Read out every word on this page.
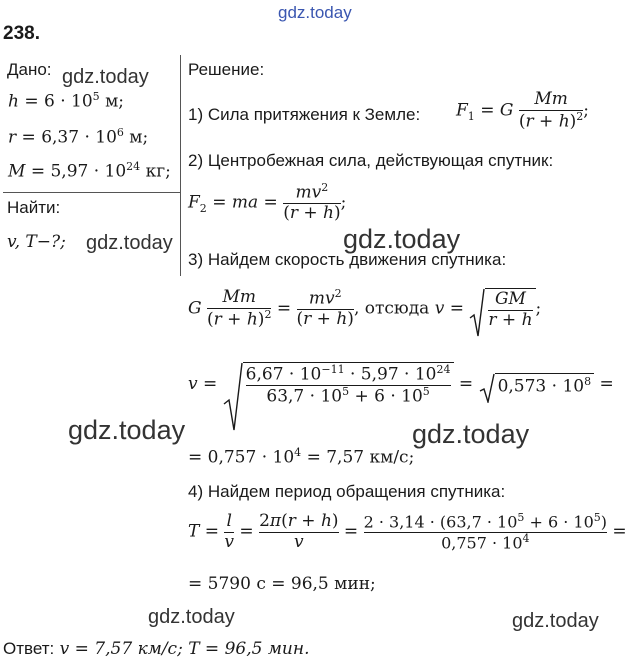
gdz.today
gdz.today
gdz.today	gdz.today
gdz.today	gdz.today
gdz.today	gdz.today
238.
Дано:
$h = 6 \cdot 10^5$ м;
$r = 6,37 \cdot 10^6$ м;
$M = 5,97 \cdot 10^{24}$ кг;
Найти:
v, T−?;
Решение:
1) Сила притяжения к Земле: $F_1 = G \frac{Mm}{(r + h)^2}$ ;
2) Центробежная сила, действующая спутник:
$F_2$ = ma = $\frac{mv^2}{(r + h)}$ ;
3) Найдем скорость движения спутника:
G $\frac{Mm}{(r + h)^2} = \frac{mv^2}{(r + h)}$ , отсюда $v = \frac{GM}{r + h}$ ;
$v = \frac{6,67 \cdot 10^{-11} \cdot 5,97 \cdot 10^{24}}{63,7 \cdot 10^5 + 6 \cdot 10^5}$ =
$0,573 \cdot 10^8$ =
= $0,757 \cdot 10^4 = 7,57$ км/с;
4) Найдем период обращения спутника:
$T = \frac{l}{v} = \frac{2\pi(r + h)}{v} = \frac{2 \cdot 3,14 \cdot (63,7 \cdot 10^5 + 6 \cdot 10^5)}{0,757 \cdot 10^4}$ =
= 5790 с = 96,5 мин;
Ответ: v = 7,57 км/с; T = 96,5 мин.
